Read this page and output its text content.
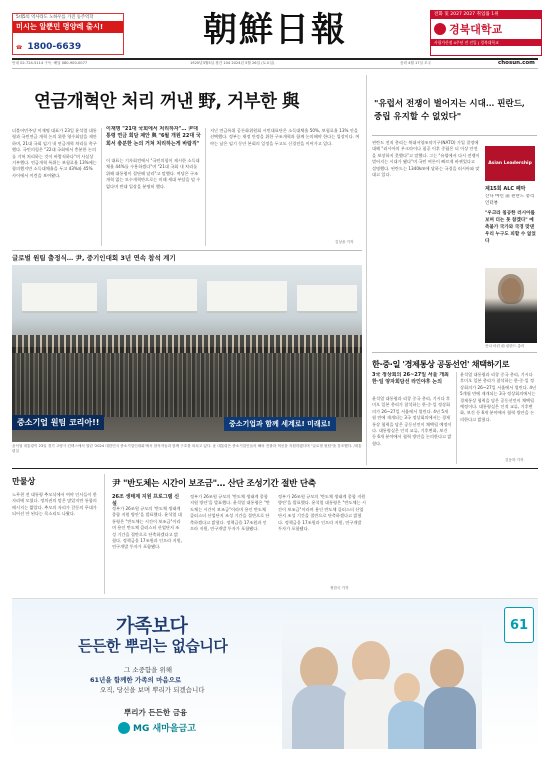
5대5의 역사라도 노하우를 가진 동주역학
미시는 알뿐민 명양레 출시!
☎ 1800-6639	朝鮮日報	전화 및 2027 2027 취업률 1위
경북대학교
사립가산점 4주년 전 진입 | 경북대학교
안내 02-724-5114 구독 ·배달 080-900-0077	1920년3월5일 창간 104 2024년 5월 26일 (토요일)	음력 4월 17일 모주	chosun.com
연금개혁안 처리 꺼낸 野, 거부한 與
더불어민주당 이재명 대표가 23일 윤석열 대통령과 국민연금 개혁 논의 위한 영수회담을 제안하며, 21대 국회 임기 내 연금개혁 처리를 촉구했다. 국민의힘은 "22대 국회에서 충분한 논의를 거쳐 처리하는 것이 바람직하다"며 사실상 거부했다. 연금개혁 특위는 보험료율 13%에는 합의했지만 소득대체율을 두고 43%와 45% 사이에서 이견을 보여왔다.
이재명 "21대 국회에서 처리하자"… 尹대통령 연금 회담 제안 與 "6월 개원 22대 국회서 충분한 논의 거쳐 처리하는게 바람직"
이 대표는 기자회견에서 "국민의힘이 제시한 소득대체율 44%를 수용하겠다"며 "21대 국회 내 처리를 위해 대통령이 결단해 달라"고 말했다. 여당은 구조개혁 없는 모수개혁만으로는 미래 세대 부담을 덜 수 없다며 반대 입장을 분명히 했다.
지난 연금특위 공론화위원회 시민대표단은 소득대체율 50%, 보험료율 13% 안을 선택했다. 정부는 재정 안정을 위한 구조개혁과 함께 논의해야 한다는 입장이다. 여야는 남은 임기 동안 본회의 일정을 두고도 신경전을 이어가고 있다.
김상윤 기자
글로벌 원팀 출정식… 尹, 중기인대회 3년 연속 참석 계기
중소기업 원팀 코리아!!	중소기업과 함께 세계로! 미래로!
윤석열 대통령이 23일 경기 고양시 킨텍스에서 열린 '2024 대한민국 중소기업인대회'에서 참석자들과 함께 구호를 외치고 있다. 윤 대통령은 중소기업인들의 해외 진출과 혁신을 지원하겠다며 "글로벌 원팀"을 강조했다. /대통령실
"유럽서 전쟁이 벌어지는 시대… 핀란드, 중립 유지할 수 없었다"
핀란드 전직 총리는 북대서양조약기구(NATO) 가입 결정에 대해 "러시아의 우크라이나 침공 이후 중립은 더 이상 안전을 보장하지 못했다"고 말했다. 그는 "유럽에서 다시 전쟁이 벌어지는 시대가 됐다"며 국민 여론이 빠르게 바뀌었다고 설명했다. 핀란드는 1340km에 달하는 국경을 러시아와 맞대고 있다.
Asian Leadership
제15회 ALC 폐막
산나 마린 前 핀란드 총리 인터뷰
"우크라 침공한 러시아를 보며 더는 못 참겠다" 예측불가 국가와 국경 맞댄 우리 누구도 피할 수 없었다
산나 마린 前 핀란드 총리
한·중·일 '경제통상 공동선언' 채택하기로
3국 정상회의 26~27일 서울 개최 한·일 양자회담선 라인야후 논의
윤석열 대통령과 리창 중국 총리, 기시다 후미오 일본 총리가 참석하는 한·중·일 정상회의가 26~27일 서울에서 열린다. 4년 5개월 만에 재개되는 3국 정상회의에서는 경제통상 협력을 담은 공동선언이 채택될 예정이다. 대통령실은 인적 교류, 기후변화, 보건 등 6개 분야에서 협력 방안을 논의한다고 밝혔다.
윤석열 대통령과 리창 중국 총리, 기시다 후미오 일본 총리가 참석하는 한·중·일 정상회의가 26~27일 서울에서 열린다. 4년 5개월 만에 재개되는 3국 정상회의에서는 경제통상 협력을 담은 공동선언이 채택될 예정이다. 대통령실은 인적 교류, 기후변화, 보건 등 6개 분야에서 협력 방안을 논의한다고 밝혔다.
김동하 기자
만물상
노무현 전 대통령 추모식에서 여야 인사들이 한자리에 모였다. 정치권의 말은 많았지만 통합의 메시지는 짧았다. 추모의 자리가 갈등의 무대가 되어선 안 된다는 목소리도 나왔다.
尹 "반도체는 시간이 보조금"… 산단 조성기간 절반 단축
26조 생태계 지원 프로그램 신설
정부가 26조원 규모의 '반도체 생태계 종합 지원 방안'을 발표했다. 윤석열 대통령은 "반도체는 시간이 보조금"이라며 용인 반도체 클러스터 산업단지 조성 기간을 절반으로 단축하겠다고 밝혔다. 정책금융 17조원과 인프라 지원, 연구개발 투자가 포함됐다.
정부가 26조원 규모의 '반도체 생태계 종합 지원 방안'을 발표했다. 윤석열 대통령은 "반도체는 시간이 보조금"이라며 용인 반도체 클러스터 산업단지 조성 기간을 절반으로 단축하겠다고 밝혔다. 정책금융 17조원과 인프라 지원, 연구개발 투자가 포함됐다.
정부가 26조원 규모의 '반도체 생태계 종합 지원 방안'을 발표했다. 윤석열 대통령은 "반도체는 시간이 보조금"이라며 용인 반도체 클러스터 산업단지 조성 기간을 절반으로 단축하겠다고 밝혔다. 정책금융 17조원과 인프라 지원, 연구개발 투자가 포함됐다.
정한국 기자
가족보다
든든한 뿌리는 없습니다
그 소중함을 위해
61년을 함께한 가족의 마음으로
오직, 당신을 보며 뿌리가 되겠습니다
뿌리가 든든한 금융
MG 새마을금고
61
